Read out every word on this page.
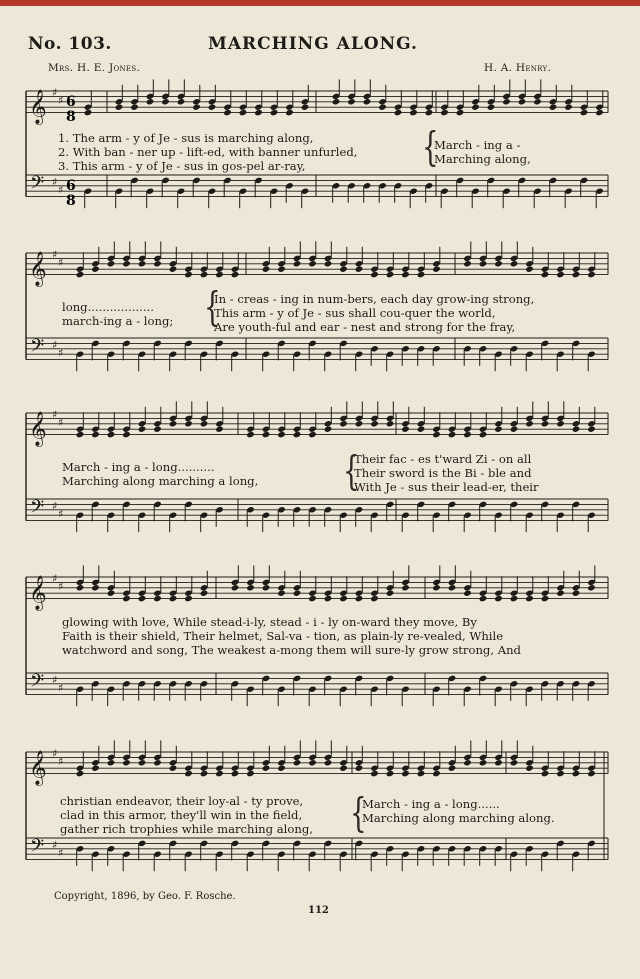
No. 103.	MARCHING ALONG.
Mrs. H. E. Jones.	H. A. Henry.
♯
♯
♯
♯
𝄢
𝄞
♯
♯
♯
♯
𝄢
𝄞
♯
♯
♯
♯
𝄢
𝄞
♯
♯
♯
♯
𝄢
𝄞
♯
♯
♯
♯
𝄢
𝄞 6
8
6
8
1. The arm - y of Je - sus is marching along,
2. With ban - ner up - lift-ed, with banner unfurled,
3. This arm - y of Je - sus in gos-pel ar-ray,	{
March - ing a -
Marching along,
long..................
march-ing a - long; {
In - creas - ing in num-bers, each day grow-ing strong,
This arm - y of Je - sus shall cou-quer the world,
Are youth-ful and ear - nest and strong for the fray,
March - ing a - long..........
Marching along marching a long,	{
Their fac - es t'ward Zi - on all
Their sword is the Bi - ble and
With Je - sus their lead-er, their
glowing with love, While stead-i-ly, stead - i - ly on-ward they move, By
Faith is their shield, Their helmet, Sal-va - tion, as plain-ly re-vealed, While
watchword and song, The weakest a-mong them will sure-ly grow strong, And
christian endeavor, their loy-al - ty prove,
clad in this armor, they'll win in the field,
gather rich trophies while marching along, {
March - ing a - long......
Marching along marching along.
Copyright, 1896, by Geo. F. Rosche.
112
